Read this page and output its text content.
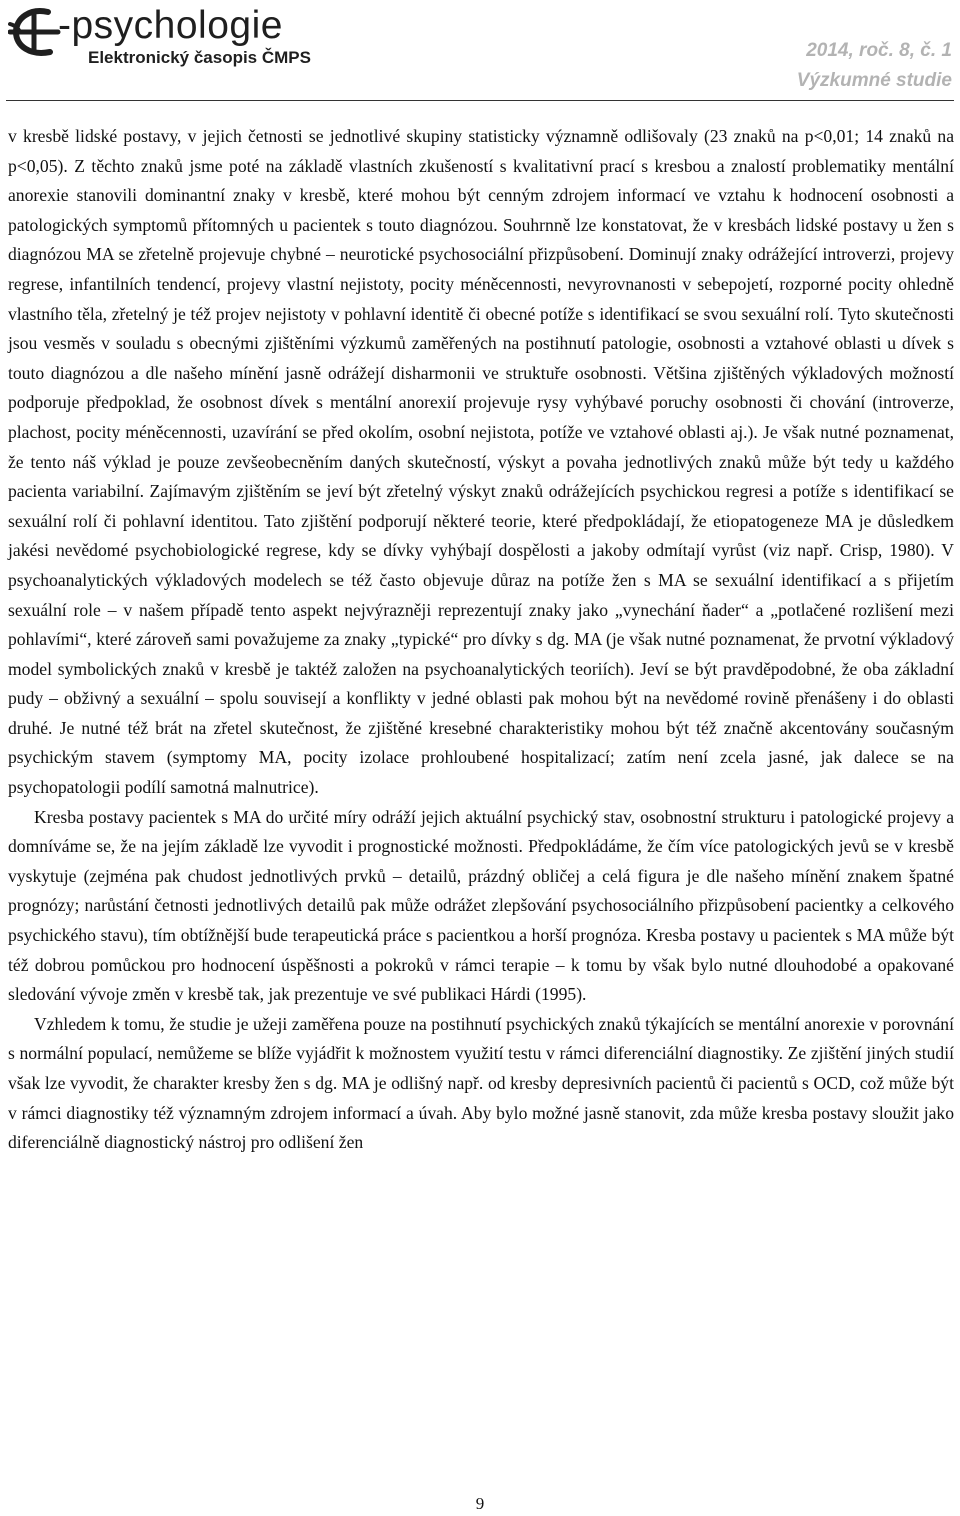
-psychologie
Elektronický časopis ČMPS	2014, roč. 8, č. 1
Výzkumné studie

v kresbě lidské postavy, v jejich četnosti se jednotlivé skupiny statisticky významně odlišovaly (23 znaků na p<0,01; 14 znaků na p<0,05). Z těchto znaků jsme poté na základě vlastních zkušeností s kvalitativní prací s kresbou a znalostí problematiky mentální anorexie stanovili dominantní znaky v kresbě, které mohou být cenným zdrojem informací ve vztahu k hodnocení osobnosti a patologických symptomů přítomných u pacientek s touto diagnózou. Souhrnně lze konstatovat, že v kresbách lidské postavy u žen s diagnózou MA se zřetelně projevuje chybné – neurotické psychosociální přizpůsobení. Dominují znaky odrážející introverzi, projevy regrese, infantilních tendencí, projevy vlastní nejistoty, pocity méněcennosti, nevyrovnanosti v sebepojetí, rozporné pocity ohledně vlastního těla, zřetelný je též projev nejistoty v pohlavní identitě či obecné potíže s identifikací se svou sexuální rolí. Tyto skutečnosti jsou vesměs v souladu s obecnými zjištěními výzkumů zaměřených na postihnutí patologie, osobnosti a vztahové oblasti u dívek s touto diagnózou a dle našeho mínění jasně odrážejí disharmonii ve struktuře osobnosti. Většina zjištěných výkladových možností podporuje předpoklad, že osobnost dívek s mentální anorexií projevuje rysy vyhýbavé poruchy osobnosti či chování (introverze, plachost, pocity méněcennosti, uzavírání se před okolím, osobní nejistota, potíže ve vztahové oblasti aj.). Je však nutné poznamenat, že tento náš výklad je pouze zevšeobecněním daných skutečností, výskyt a povaha jednotlivých znaků může být tedy u každého pacienta variabilní. Zajímavým zjištěním se jeví být zřetelný výskyt znaků odrážejících psychickou regresi a potíže s identifikací se sexuální rolí či pohlavní identitou. Tato zjištění podporují některé teorie, které předpokládají, že etiopatogeneze MA je důsledkem jakési nevědomé psychobiologické regrese, kdy se dívky vyhýbají dospělosti a jakoby odmítají vyrůst (viz např. Crisp, 1980). V psychoanalytických výkladových modelech se též často objevuje důraz na potíže žen s MA se sexuální identifikací a s přijetím sexuální role – v našem případě tento aspekt nejvýrazněji reprezentují znaky jako „vynechání ňader“ a „potlačené rozlišení mezi pohlavími“, které zároveň sami považujeme za znaky „typické“ pro dívky s dg. MA (je však nutné poznamenat, že prvotní výkladový model symbolických znaků v kresbě je taktéž založen na psychoanalytických teoriích). Jeví se být pravděpodobné, že oba základní pudy – obživný a sexuální – spolu souvisejí a konflikty v jedné oblasti pak mohou být na nevědomé rovině přenášeny i do oblasti druhé. Je nutné též brát na zřetel skutečnost, že zjištěné kresebné charakteristiky mohou být též značně akcentovány současným psychickým stavem (symptomy MA, pocity izolace prohloubené hospitalizací; zatím není zcela jasné, jak dalece se na psychopatologii podílí samotná malnutrice).

Kresba postavy pacientek s MA do určité míry odráží jejich aktuální psychický stav, osobnostní strukturu i patologické projevy a domníváme se, že na jejím základě lze vyvodit i prognostické možnosti. Předpokládáme, že čím více patologických jevů se v kresbě vyskytuje (zejména pak chudost jednotlivých prvků – detailů, prázdný obličej a celá figura je dle našeho mínění znakem špatné prognózy; narůstání četnosti jednotlivých detailů pak může odrážet zlepšování psychosociálního přizpůsobení pacientky a celkového psychického stavu), tím obtížnější bude terapeutická práce s pacientkou a horší prognóza. Kresba postavy u pacientek s MA může být též dobrou pomůckou pro hodnocení úspěšnosti a pokroků v rámci terapie – k tomu by však bylo nutné dlouhodobé a opakované sledování vývoje změn v kresbě tak, jak prezentuje ve své publikaci Hárdi (1995).

Vzhledem k tomu, že studie je užeji zaměřena pouze na postihnutí psychických znaků týkajících se mentální anorexie v porovnání s normální populací, nemůžeme se blíže vyjádřit k možnostem využití testu v rámci diferenciální diagnostiky. Ze zjištění jiných studií však lze vyvodit, že charakter kresby žen s dg. MA je odlišný např. od kresby depresivních pacientů či pacientů s OCD, což může být v rámci diagnostiky též významným zdrojem informací a úvah. Aby bylo možné jasně stanovit, zda může kresba postavy sloužit jako diferenciálně diagnostický nástroj pro odlišení žen

9
